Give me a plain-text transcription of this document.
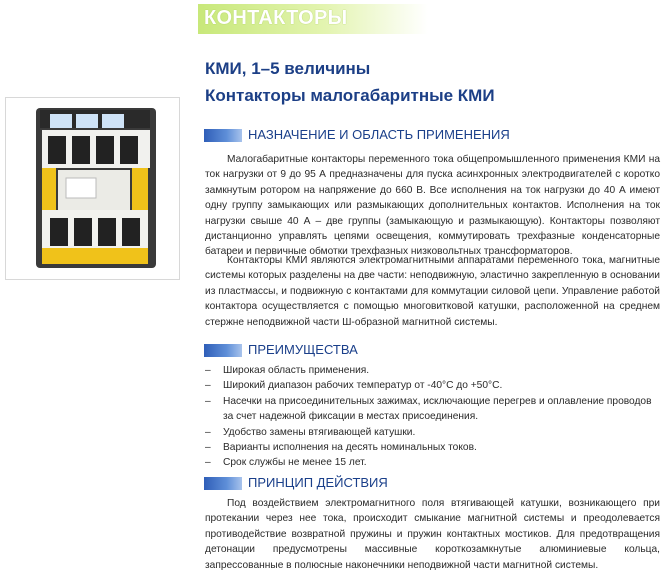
КОНТАКТОРЫ
КМИ, 1–5 величины
Контакторы малогабаритные КМИ
НАЗНАЧЕНИЕ И ОБЛАСТЬ ПРИМЕНЕНИЯ

Малогабаритные контакторы переменного тока общепромышленного применения КМИ на ток нагрузки от 9 до 95 А предназначены для пуска асинхронных электродвигателей с коротко замкнутым ротором на напряжение до 660 В. Все исполнения на ток нагрузки до 40 А имеют одну группу замыкающих или размыкающих дополнительных контактов. Исполнения на ток нагрузки свыше 40 А – две группы (замыкающую и размыкающую). Контакторы позволяют дистанционно управлять цепями освещения, коммутировать трехфазные конденсаторные батареи и первичные обмотки трехфазных низковольтных трансформаторов.

Контакторы КМИ являются электромагнитными аппаратами переменного тока, магнитные системы которых разделены на две части: неподвижную, эластично закрепленную в основании из пластмассы, и подвижную с контактами для коммутации силовой цепи. Управление работой контактора осуществляется с помощью многовитковой катушки, расположенной на среднем стержне неподвижной части Ш-образной магнитной системы.

ПРЕИМУЩЕСТВА
– Широкая область применения.
– Широкий диапазон рабочих температур от -40°С до +50°С.
– Насечки на присоединительных зажимах, исключающие перегрев и оплавление проводов за счет надежной фиксации в местах присоединения.
– Удобство замены втягивающей катушки.
– Варианты исполнения на десять номинальных токов.
– Срок службы не менее 15 лет.
ПРИНЦИП ДЕЙСТВИЯ

Под воздействием электромагнитного поля втягивающей катушки, возникающего при протекании через нее тока, происходит смыкание магнитной системы и преодолевается противодействие возвратной пружины и пружин контактных мостиков. Для предотвращения детонации предусмотрены массивные короткозамкнутые алюминиевые кольца, запрессованные в полюсные наконечники неподвижной части магнитной системы.
